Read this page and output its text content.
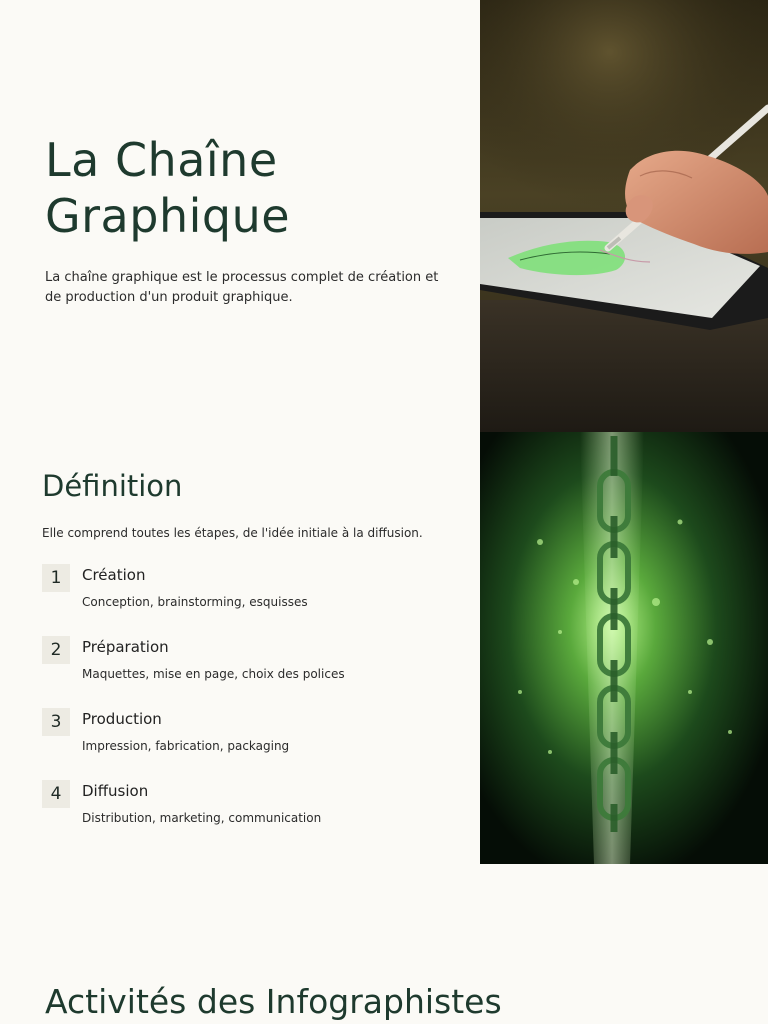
La Chaîne
Graphique

La chaîne graphique est le processus complet de création et de production d'un produit graphique.

Définition

Elle comprend toutes les étapes, de l'idée initiale à la diffusion.

1	Création
Conception, brainstorming, esquisses
2	Préparation
Maquettes, mise en page, choix des polices
3	Production
Impression, fabrication, packaging
4	Diffusion
Distribution, marketing, communication
Activités des Infographistes
